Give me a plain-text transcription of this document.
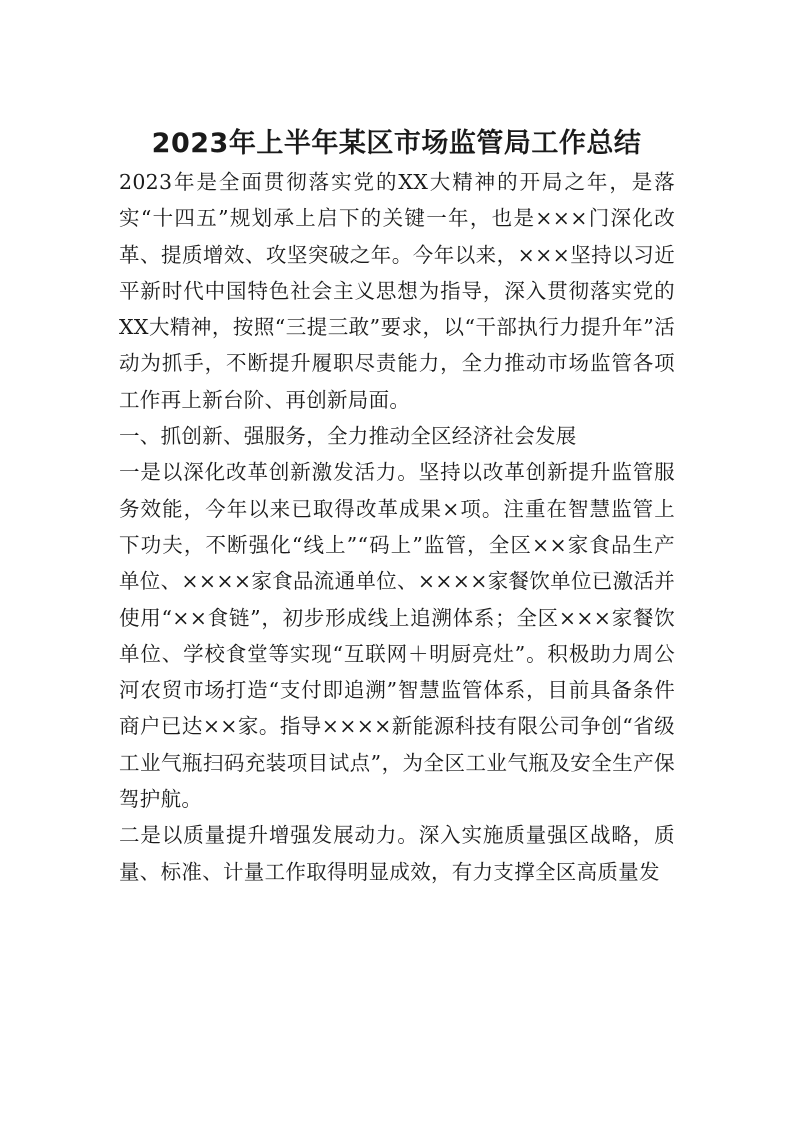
2023年上半年某区市场监管局工作总结

2023年是全面贯彻落实党的XX大精神的开局之年，是落实“十四五”规划承上启下的关键一年，也是×××门深化改革、提质增效、攻坚突破之年。今年以来，×××坚持以习近平新时代中国特色社会主义思想为指导，深入贯彻落实党的XX大精神，按照“三提三敢”要求，以“干部执行力提升年”活动为抓手，不断提升履职尽责能力，全力推动市场监管各项工作再上新台阶、再创新局面。

一、抓创新、强服务，全力推动全区经济社会发展

一是以深化改革创新激发活力。坚持以改革创新提升监管服务效能，今年以来已取得改革成果×项。注重在智慧监管上下功夫，不断强化“线上”“码上”监管，全区××家食品生产单位、××××家食品流通单位、××××家餐饮单位已激活并使用“××食链”，初步形成线上追溯体系；全区×××家餐饮单位、学校食堂等实现“互联网＋明厨亮灶”。积极助力周公河农贸市场打造“支付即追溯”智慧监管体系，目前具备条件商户已达××家。指导××××新能源科技有限公司争创“省级工业气瓶扫码充装项目试点”，为全区工业气瓶及安全生产保驾护航。

二是以质量提升增强发展动力。深入实施质量强区战略，质量、标准、计量工作取得明显成效，有力支撑全区高质量发
